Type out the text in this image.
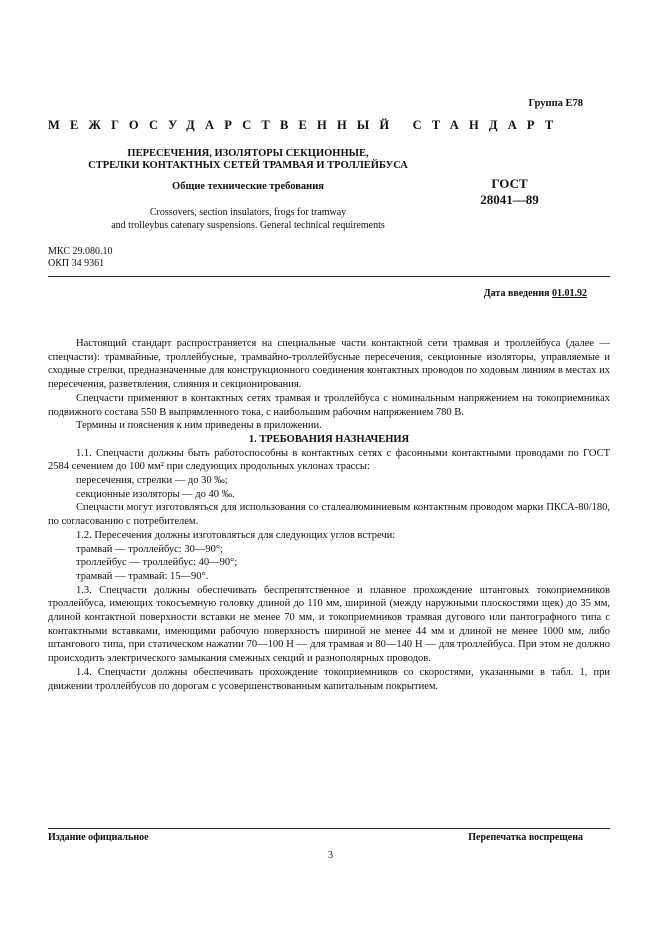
Группа Е78
МЕЖГОСУДАРСТВЕННЫЙ СТАНДАРТ
ПЕРЕСЕЧЕНИЯ, ИЗОЛЯТОРЫ СЕКЦИОННЫЕ,
СТРЕЛКИ КОНТАКТНЫХ СЕТЕЙ ТРАМВАЯ И ТРОЛЛЕЙБУСА
Общие технические требования	ГОСТ
28041—89
Crossovers, section insulators, frogs for tramway
and trolleybus catenary suspensions. General technical requirements
МКС 29.080.10
ОКП 34 9361
Дата введения 01.01.92

Настоящий стандарт распространяется на специальные части контактной сети трамвая и троллейбуса (далее — спецчасти): трамвайные, троллейбусные, трамвайно-троллейбусные пересечения, секционные изоляторы, управляемые и сходные стрелки, предназначенные для конструкционного соединения контактных проводов по ходовым линиям в местах их пересечения, разветвления, слияния и секционирования.

Спецчасти применяют в контактных сетях трамвая и троллейбуса с номинальным напряжением на токоприемниках подвижного состава 550 В выпрямленного тока, с наибольшим рабочим напряжением 780 В.

Термины и пояснения к ним приведены в приложении.

1. ТРЕБОВАНИЯ НАЗНАЧЕНИЯ

1.1. Спецчасти должны быть работоспособны в контактных сетях с фасонными контактными проводами по ГОСТ 2584 сечением до 100 мм² при следующих продольных уклонах трассы:

пересечения, стрелки — до 30 ‰;

секционные изоляторы — до 40 ‰.

Спецчасти могут изготовляться для использования со сталеалюминиевым контактным проводом марки ПКСА-80/180, по согласованию с потребителем.

1.2. Пересечения должны изготовляться для следующих углов встречи:

трамвай — троллейбус: 30—90°;

троллейбус — троллейбус: 40—90°;

трамвай — трамвай: 15—90°.

1.3. Спецчасти должны обеспечивать беспрепятственное и плавное прохождение штанговых токоприемников троллейбуса, имеющих токосъемную головку длиной до 110 мм, шириной (между наружными плоскостями щек) до 35 мм, длиной контактной поверхности вставки не менее 70 мм, и токоприемников трамвая дугового или пантографного типа с контактными вставками, имеющими рабочую поверхность шириной не менее 44 мм и длиной не менее 1000 мм, либо штангового типа, при статическом нажатии 70—100 Н — для трамвая и 80—140 Н — для троллейбуса. При этом не должно происходить электрического замыкания смежных секций и разнополярных проводов.

1.4. Спецчасти должны обеспечивать прохождение токоприемников со скоростями, указанными в табл. 1, при движении троллейбусов по дорогам с усовершенствованным капитальным покрытием.

Издание официальное	Перепечатка воспрещена
3
